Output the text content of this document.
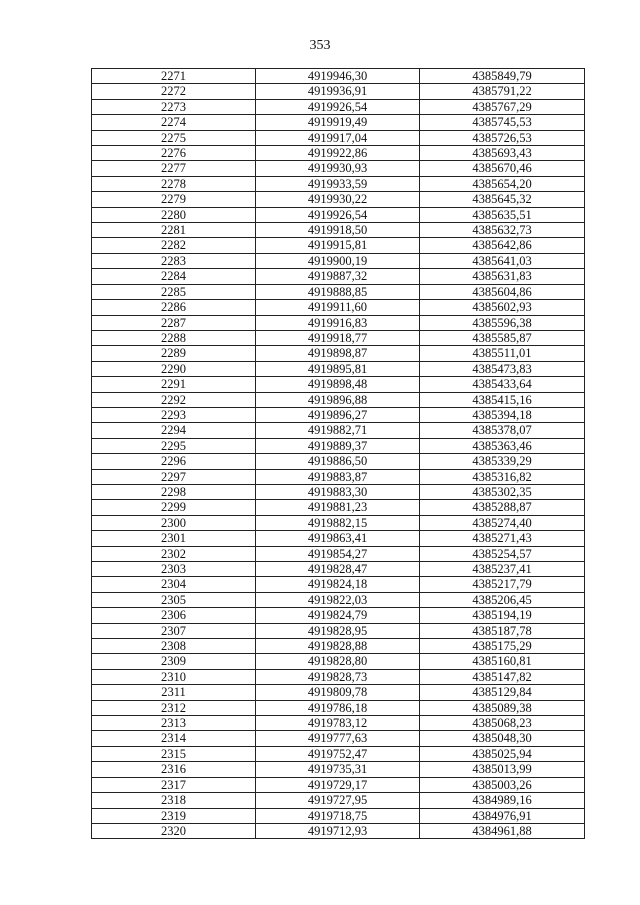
353
2271	4919946,30	4385849,79
2272	4919936,91	4385791,22
2273	4919926,54	4385767,29
2274	4919919,49	4385745,53
2275	4919917,04	4385726,53
2276	4919922,86	4385693,43
2277	4919930,93	4385670,46
2278	4919933,59	4385654,20
2279	4919930,22	4385645,32
2280	4919926,54	4385635,51
2281	4919918,50	4385632,73
2282	4919915,81	4385642,86
2283	4919900,19	4385641,03
2284	4919887,32	4385631,83
2285	4919888,85	4385604,86
2286	4919911,60	4385602,93
2287	4919916,83	4385596,38
2288	4919918,77	4385585,87
2289	4919898,87	4385511,01
2290	4919895,81	4385473,83
2291	4919898,48	4385433,64
2292	4919896,88	4385415,16
2293	4919896,27	4385394,18
2294	4919882,71	4385378,07
2295	4919889,37	4385363,46
2296	4919886,50	4385339,29
2297	4919883,87	4385316,82
2298	4919883,30	4385302,35
2299	4919881,23	4385288,87
2300	4919882,15	4385274,40
2301	4919863,41	4385271,43
2302	4919854,27	4385254,57
2303	4919828,47	4385237,41
2304	4919824,18	4385217,79
2305	4919822,03	4385206,45
2306	4919824,79	4385194,19
2307	4919828,95	4385187,78
2308	4919828,88	4385175,29
2309	4919828,80	4385160,81
2310	4919828,73	4385147,82
2311	4919809,78	4385129,84
2312	4919786,18	4385089,38
2313	4919783,12	4385068,23
2314	4919777,63	4385048,30
2315	4919752,47	4385025,94
2316	4919735,31	4385013,99
2317	4919729,17	4385003,26
2318	4919727,95	4384989,16
2319	4919718,75	4384976,91
2320	4919712,93	4384961,88
